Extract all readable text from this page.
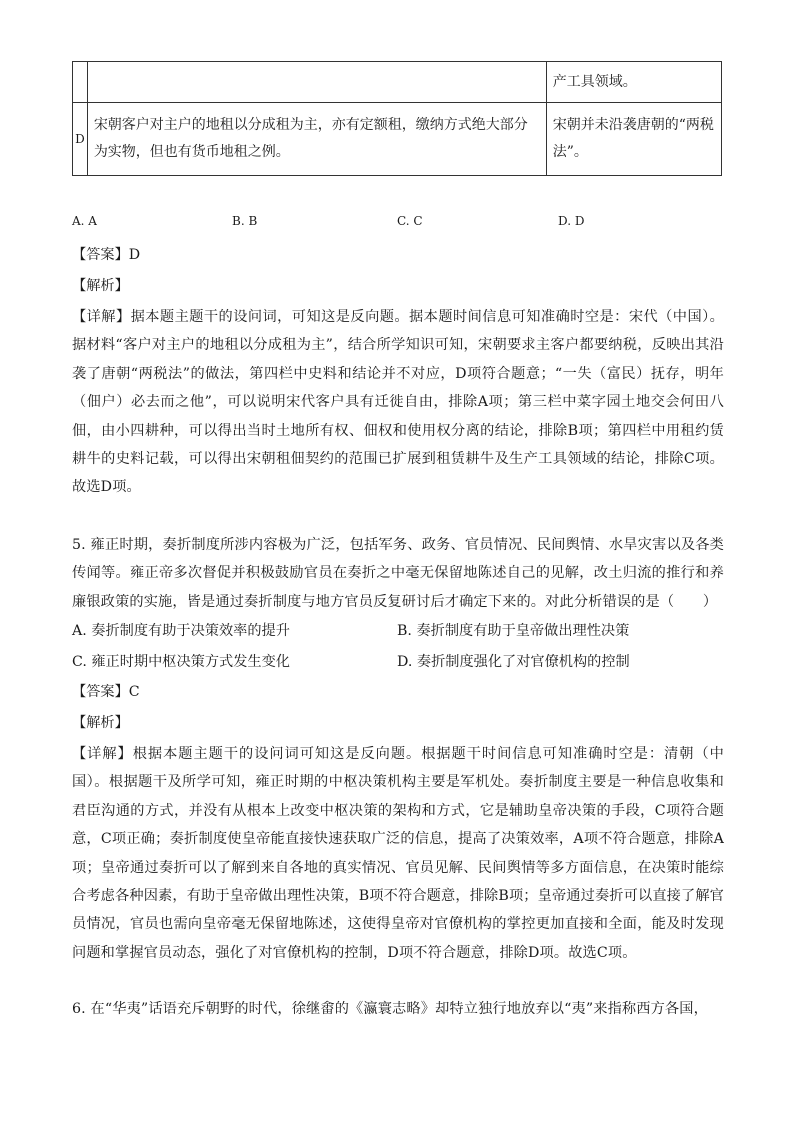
		产工具领域。
D	宋朝客户对主户的地租以分成租为主，亦有定额租，缴纳方式绝大部分为实物，但也有货币地租之例。	宋朝并未沿袭唐朝的“两税法”。
A. A	B. B	C. C	D. D
【答案】D
【解析】
【详解】据本题主题干的设问词，可知这是反向题。据本题时间信息可知准确时空是：宋代（中国）。据材料“客户对主户的地租以分成租为主”，结合所学知识可知，宋朝要求主客户都要纳税，反映出其沿袭了唐朝“两税法”的做法，第四栏中史料和结论并不对应，D项符合题意；“一失（富民）抚存，明年（佃户）必去而之他”，可以说明宋代客户具有迁徙自由，排除A项；第三栏中菜字园土地交会何田八佃，由小四耕种，可以得出当时土地所有权、佃权和使用权分离的结论，排除B项；第四栏中用租约赁耕牛的史料记载，可以得出宋朝租佃契约的范围已扩展到租赁耕牛及生产工具领域的结论，排除C项。故选D项。
5. 雍正时期，奏折制度所涉内容极为广泛，包括军务、政务、官员情况、民间舆情、水旱灾害以及各类传闻等。雍正帝多次督促并积极鼓励官员在奏折之中毫无保留地陈述自己的见解，改土归流的推行和养廉银政策的实施，皆是通过奏折制度与地方官员反复研讨后才确定下来的。对此分析错误的是（　　）
A. 奏折制度有助于决策效率的提升	B. 奏折制度有助于皇帝做出理性决策
C. 雍正时期中枢决策方式发生变化	D. 奏折制度强化了对官僚机构的控制
【答案】C
【解析】
【详解】根据本题主题干的设问词可知这是反向题。根据题干时间信息可知准确时空是：清朝（中国）。根据题干及所学可知，雍正时期的中枢决策机构主要是军机处。奏折制度主要是一种信息收集和君臣沟通的方式，并没有从根本上改变中枢决策的架构和方式，它是辅助皇帝决策的手段，C项符合题意，C项正确；奏折制度使皇帝能直接快速获取广泛的信息，提高了决策效率，A项不符合题意，排除A项；皇帝通过奏折可以了解到来自各地的真实情况、官员见解、民间舆情等多方面信息，在决策时能综合考虑各种因素，有助于皇帝做出理性决策，B项不符合题意，排除B项；皇帝通过奏折可以直接了解官员情况，官员也需向皇帝毫无保留地陈述，这使得皇帝对官僚机构的掌控更加直接和全面，能及时发现问题和掌握官员动态，强化了对官僚机构的控制，D项不符合题意，排除D项。故选C项。
6. 在“华夷”话语充斥朝野的时代，徐继畬的《瀛寰志略》却特立独行地放弃以“夷”来指称西方各国，
